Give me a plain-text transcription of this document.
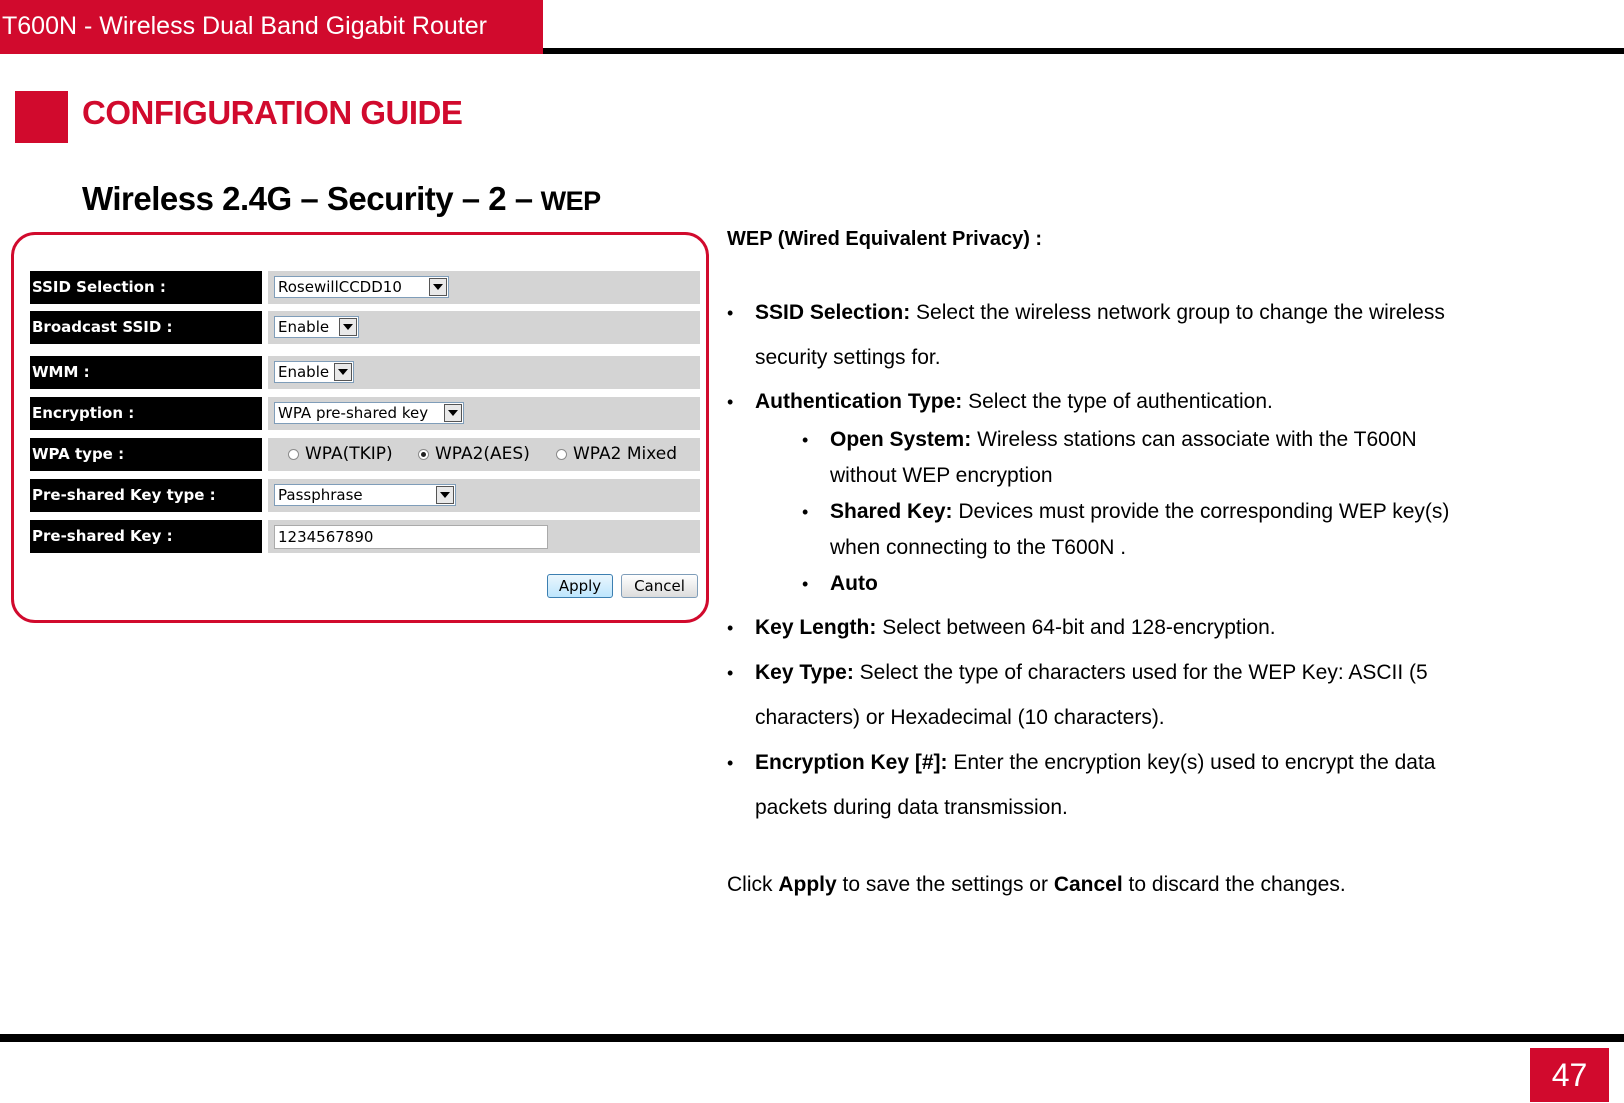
T600N - Wireless Dual Band Gigabit Router
CONFIGURATION GUIDE
Wireless 2.4G – Security – 2 – WEP
SSID Selection :	RosewillCCDD10
Broadcast SSID :	Enable
WMM :	Enable
Encryption :	WPA pre-shared key
WPA type :	WPA(TKIP) WPA2(AES)	WPA2 Mixed
Pre-shared Key type :	Passphrase
Pre-shared Key :	1234567890
Apply	Cancel
WEP (Wired Equivalent Privacy) :
• SSID Selection: Select the wireless network group to change the wireless
security settings for.
• Authentication Type: Select the type of authentication.
• Open System: Wireless stations can associate with the T600N
without WEP encryption
• Shared Key: Devices must provide the corresponding WEP key(s)
when connecting to the T600N .
• Auto
• Key Length: Select between 64-bit and 128-encryption.
• Key Type: Select the type of characters used for the WEP Key: ASCII (5
characters) or Hexadecimal (10 characters).
• Encryption Key [#]: Enter the encryption key(s) used to encrypt the data
packets during data transmission.
Click Apply to save the settings or Cancel to discard the changes.
47
